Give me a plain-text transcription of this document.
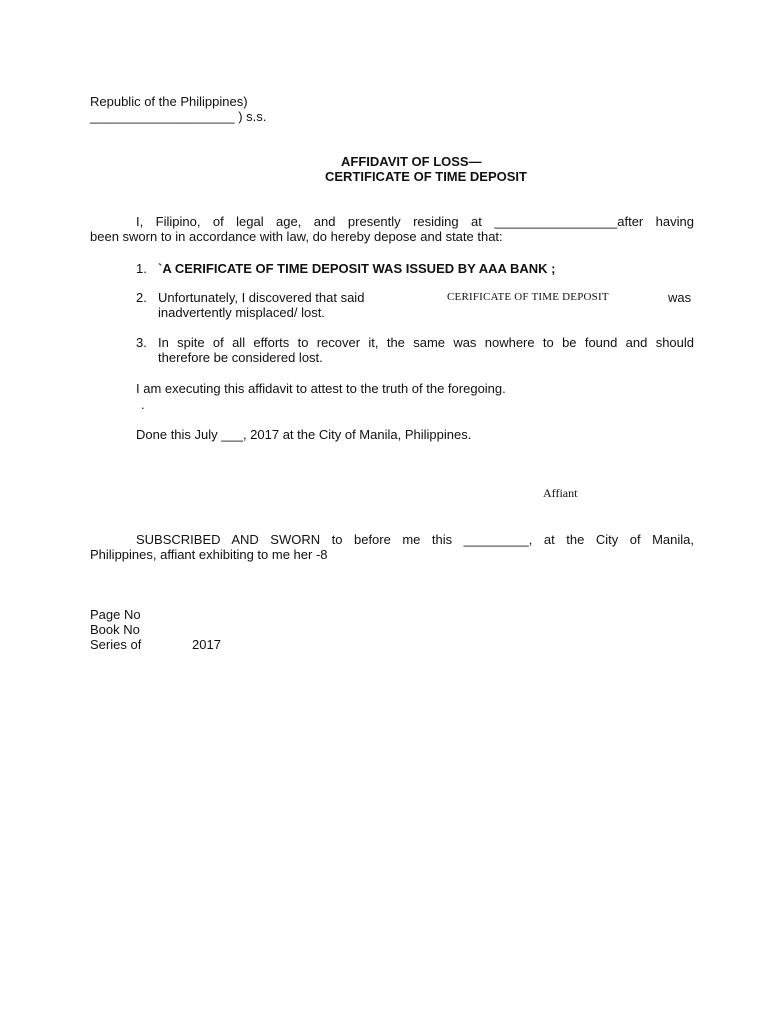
Republic of the Philippines)
____________________ ) s.s.
AFFIDAVIT OF LOSS—
CERTIFICATE OF TIME DEPOSIT
I, Filipino, of legal age, and presently residing at _________________after having
been sworn to in accordance with law, do hereby depose and state that:
1. `A CERIFICATE OF TIME DEPOSIT WAS ISSUED BY AAA BANK ;
2. Unfortunately, I discovered that said	CERIFICATE OF TIME DEPOSIT	was
inadvertently misplaced/ lost.
3. In spite of all efforts to recover it, the same was nowhere to be found and should
therefore be considered lost.
I am executing this affidavit to attest to the truth of the foregoing.
.
Done this July ___, 2017 at the City of Manila, Philippines.
Affiant
SUBSCRIBED AND SWORN to before me this _________, at the City of Manila,
Philippines, affiant exhibiting to me her -8
Page No
Book No
Series of	2017
